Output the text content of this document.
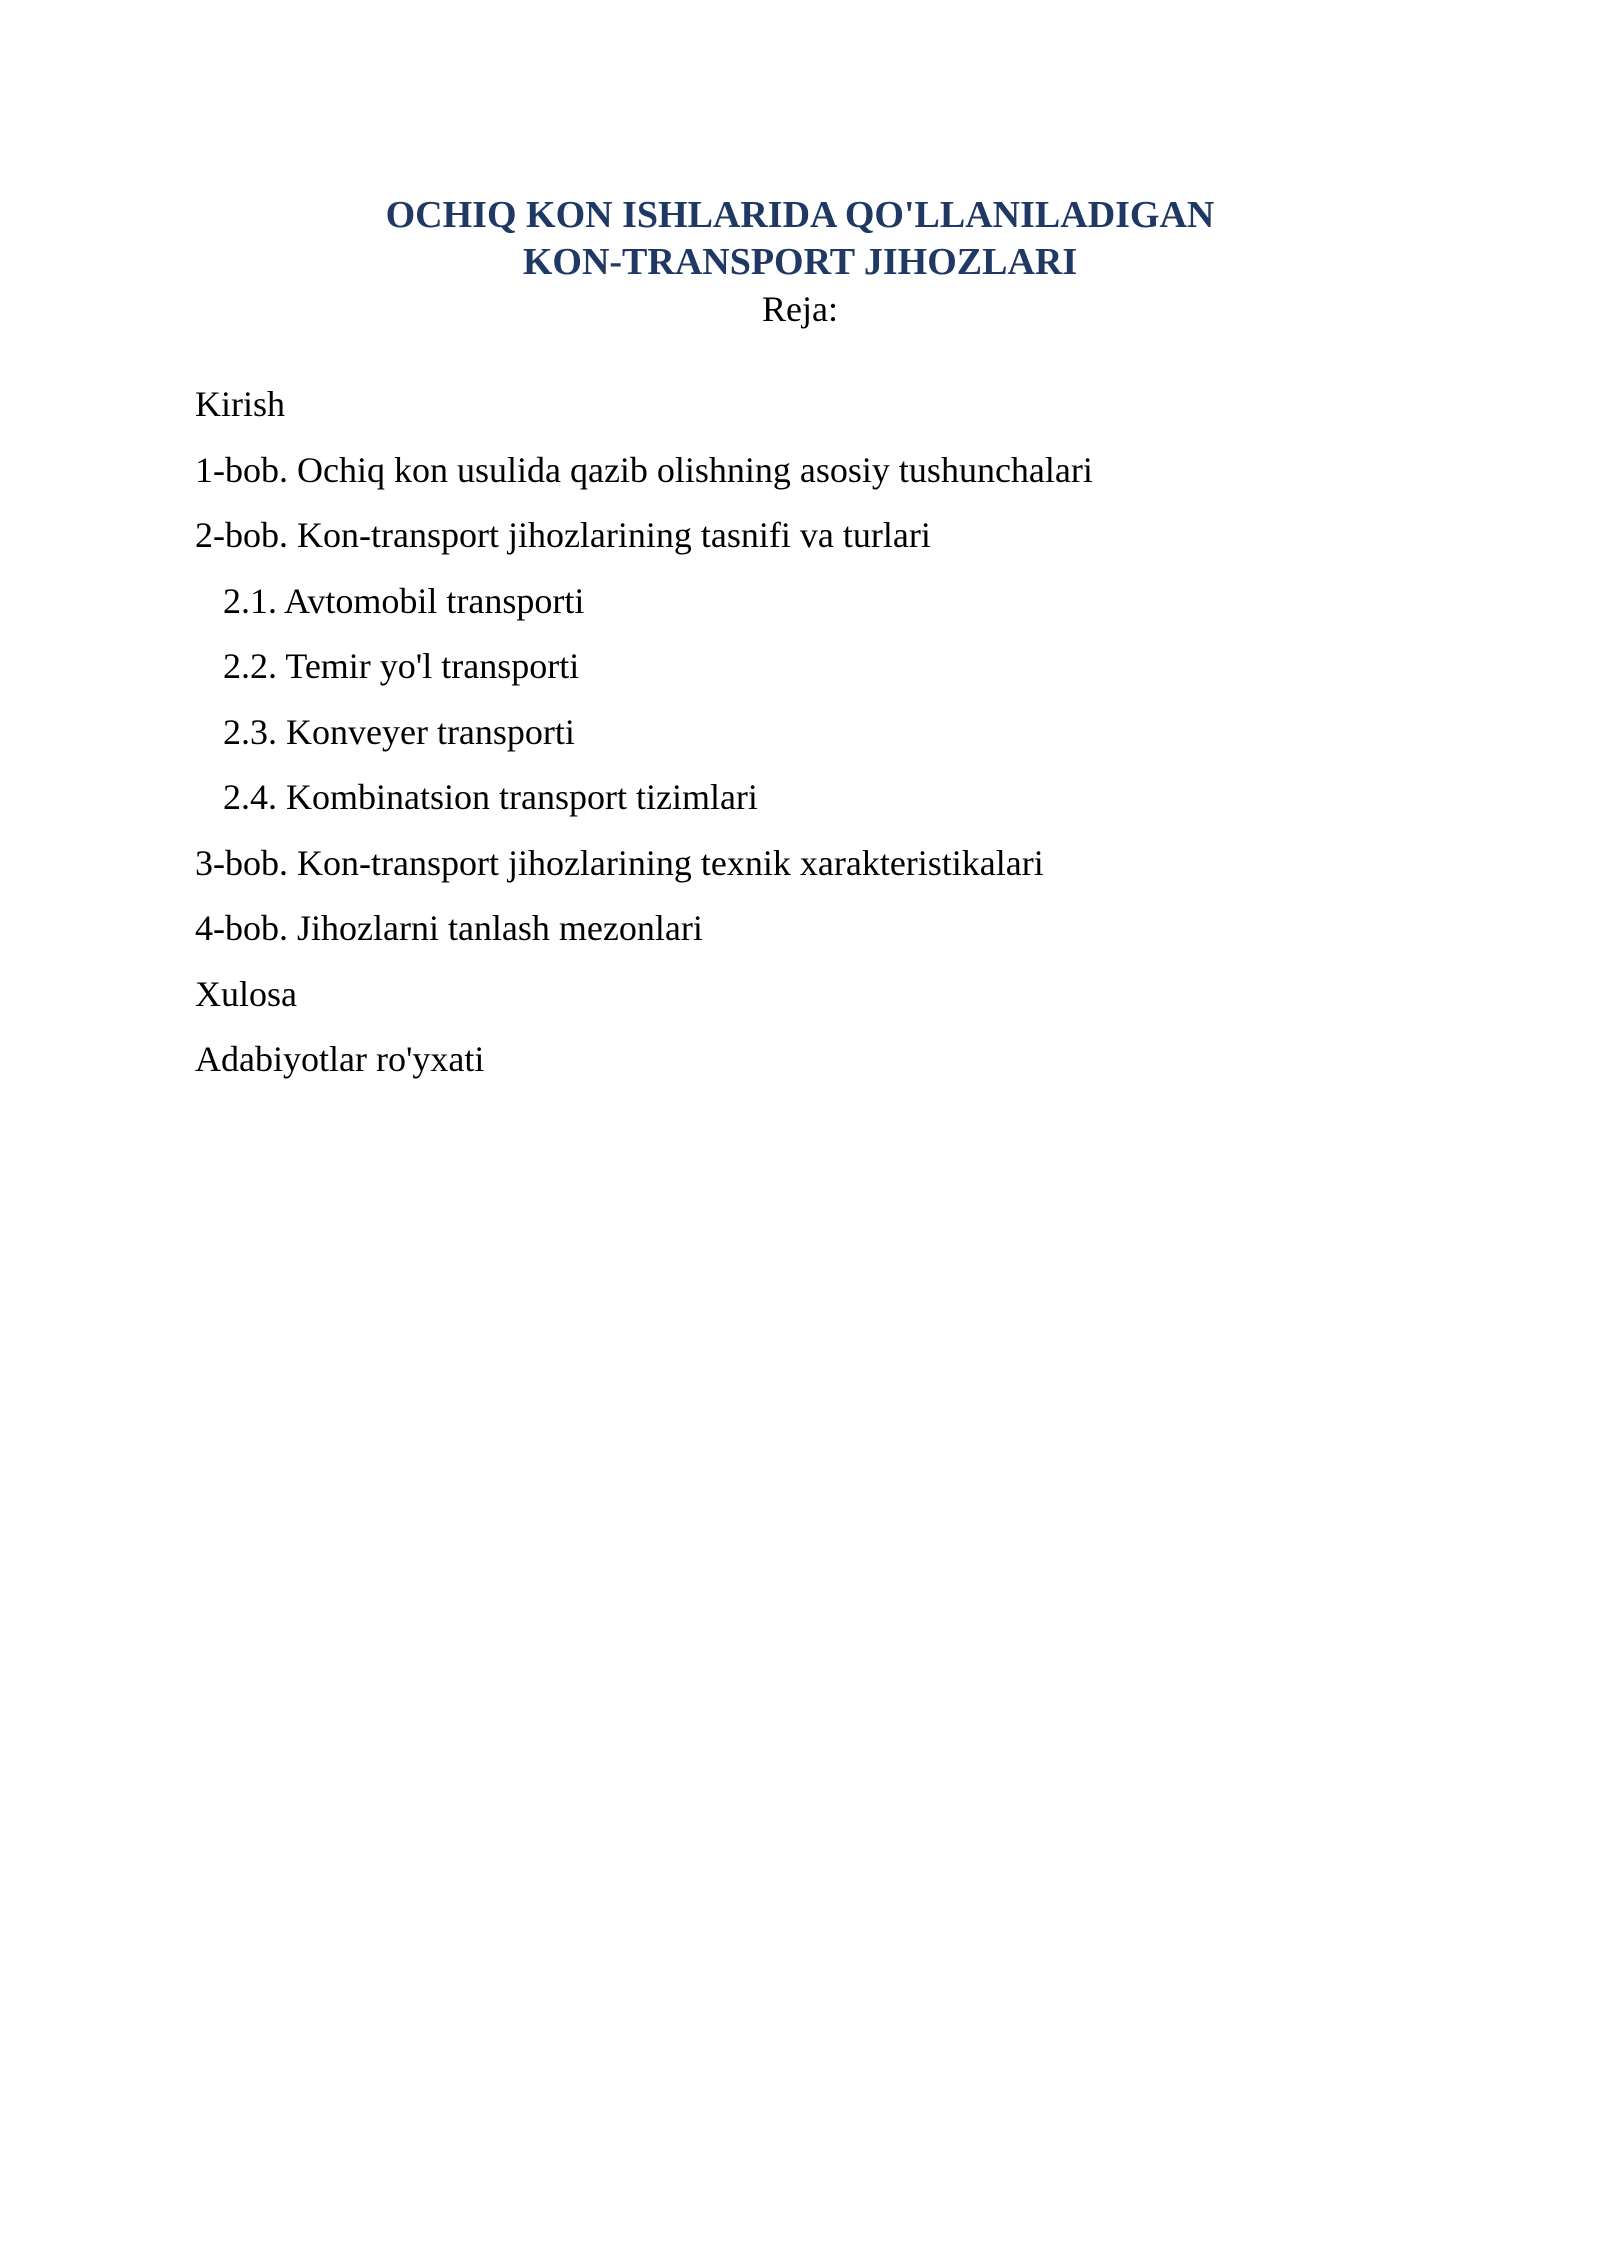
OCHIQ KON ISHLARIDA QO'LLANILADIGAN
KON-TRANSPORT JIHOZLARI
Reja:
Kirish
1-bob. Ochiq kon usulida qazib olishning asosiy tushunchalari
2-bob. Kon-transport jihozlarining tasnifi va turlari
2.1. Avtomobil transporti
2.2. Temir yo'l transporti
2.3. Konveyer transporti
2.4. Kombinatsion transport tizimlari
3-bob. Kon-transport jihozlarining texnik xarakteristikalari
4-bob. Jihozlarni tanlash mezonlari
Xulosa
Adabiyotlar ro'yxati
